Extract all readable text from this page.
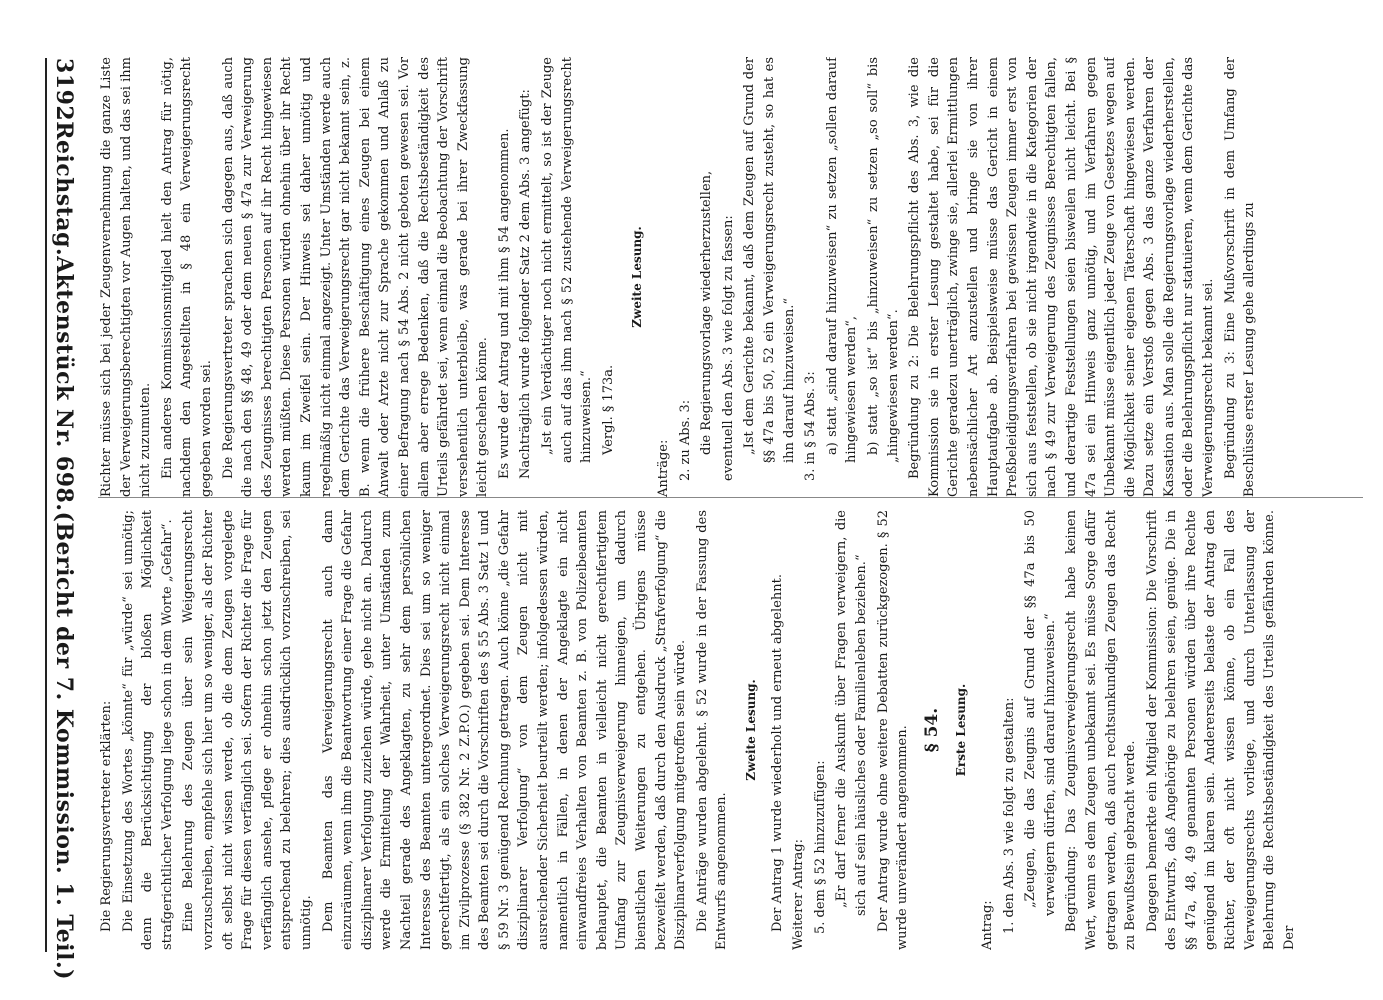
3192
Reichstag.
Aktenstück Nr. 698.
(Bericht der 7. Kommission. 1. Teil.) Die Regierungsvertreter erklärten: Die Einsetzung des Wortes „könnte“ für „würde“ sei unnötig; denn die Berücksichtigung der bloßen Möglichkeit strafgerichtlicher Verfolgung liege schon in dem Worte „Gefahr“. Eine Belehrung des Zeugen über sein Weigerungsrecht vorzuschreiben, empfehle sich hier um so weniger, als der Richter oft selbst nicht wissen werde, ob die dem Zeugen vorgelegte Frage für diesen verfänglich sei. Sofern der Richter die Frage für verfänglich ansehe, pflege er ohnehin schon jetzt den Zeugen entsprechend zu belehren; dies ausdrücklich vorzuschreiben, sei unnötig. Dem Beamten das Verweigerungsrecht auch dann einzuräumen, wenn ihm die Beantwortung einer Frage die Gefahr disziplinarer Verfolgung zuziehen würde, gehe nicht an. Dadurch werde die Ermittelung der Wahrheit, unter Umständen zum Nachteil gerade des Angeklagten, zu sehr dem persönlichen Interesse des Beamten untergeordnet. Dies sei um so weniger gerechtfertigt, als ein solches Verweigerungsrecht nicht einmal im Zivilprozesse (§ 382 Nr. 2 Z.P.O.) gegeben sei. Dem Interesse des Beamten sei durch die Vorschriften des § 55 Abs. 3 Satz 1 und § 59 Nr. 3 genügend Rechnung getragen. Auch könne „die Gefahr disziplinarer Verfolgung“ von dem Zeugen nicht mit ausreichender Sicherheit beurteilt werden; infolgedessen würden, namentlich in Fällen, in denen der Angeklagte ein nicht einwandfreies Verhalten von Beamten z. B. von Polizeibeamten behauptet, die Beamten in vielleicht nicht gerechtfertigtem Umfang zur Zeugnisverweigerung hinneigen, um dadurch bienstlichen Weiterungen zu entgehen. Übrigens müsse bezweifelt werden, daß durch den Ausdruck „Strafverfolgung“ die Disziplinarverfolgung mitgetroffen sein würde. Die Anträge wurden abgelehnt. § 52 wurde in der Fassung des Entwurfs angenommen.

Zweite Lesung. Der Antrag 1 wurde wiederholt und erneut abgelehnt. Weiterer Antrag: 5. dem § 52 hinzuzufügen: „Er darf ferner die Auskunft über Fragen verweigern, die sich auf sein häusliches oder Familienleben beziehen.“ Der Antrag wurde ohne weitere Debatten zurückgezogen. § 52 wurde unverändert angenommen. § 54. Erste Lesung.

Antrag: 1. den Abs. 3 wie folgt zu gestalten: „Zeugen, die das Zeugnis auf Grund der §§ 47a bis 50 verweigern dürfen, sind darauf hinzuweisen.“ Begründung: Das Zeugnisverweigerungsrecht habe keinen Wert, wenn es dem Zeugen unbekannt sei. Es müsse Sorge dafür getragen werden, daß auch rechtsunkundigen Zeugen das Recht zu Bewußtsein gebracht werde. Dagegen bemerkte ein Mitglied der Kommission: Die Vorschrift des Entwurfs, daß Angehörige zu belehren seien, genüge. Die in §§ 47a, 48, 49 genannten Personen würden über ihre Rechte genügend im klaren sein. Andererseits belaste der Antrag den Richter, der oft nicht wissen könne, ob ein Fall des Verweigerungsrechts vorliege, und durch Unterlassung der Belehrung die Rechtsbeständigkeit des Urteils gefährden könne. Der

Richter müsse sich bei jeder Zeugenvernehmung die ganze Liste der Verweigerungsberechtigten vor Augen halten, und das sei ihm nicht zuzumuten. Ein anderes Kommissionsmitglied hielt den Antrag für nötig, nachdem den Angestellten in § 48 ein Verweigerungsrecht gegeben worden sei. Die Regierungsvertreter sprachen sich dagegen aus, daß auch die nach den §§ 48, 49 oder dem neuen § 47a zur Verweigerung des Zeugnisses berechtigten Personen auf ihr Recht hingewiesen werden müßten. Diese Personen würden ohnehin über ihr Recht kaum im Zweifel sein. Der Hinweis sei daher unnötig und regelmäßig nicht einmal angezeigt. Unter Umständen werde auch dem Gerichte das Verweigerungsrecht gar nicht bekannt sein, z. B. wenn die frühere Beschäftigung eines Zeugen bei einem Anwalt oder Arzte nicht zur Sprache gekommen und Anlaß zu einer Befragung nach § 54 Abs. 2 nicht geboten gewesen sei. Vor allem aber errege Bedenken, daß die Rechtsbeständigkeit des Urteils gefährdet sei, wenn einmal die Beobachtung der Vorschrift versehentlich unterbleibe, was gerade bei ihrer Zweckfassung leicht geschehen könne. Es wurde der Antrag und mit ihm § 54 angenommen. Nachträglich wurde folgender Satz 2 dem Abs. 3 angefügt: „Ist ein Verdächtiger noch nicht ermittelt, so ist der Zeuge auch auf das ihm nach § 52 zustehende Verweigerungsrecht hinzuweisen.“ Vergl. § 173a.

Zweite Lesung.

Anträge: 2. zu Abs. 3: die Regierungsvorlage wiederherzustellen, eventuell den Abs. 3 wie folgt zu fassen: „Ist dem Gerichte bekannt, daß dem Zeugen auf Grund der §§ 47a bis 50, 52 ein Verweigerungsrecht zusteht, so hat es ihn darauf hinzuweisen.“ 3. in § 54 Abs. 3: a) statt „sind darauf hinzuweisen“ zu setzen „sollen darauf hingewiesen werden“, b) statt „so ist“ bis „hinzuweisen“ zu setzen „so soll“ bis „hingewiesen werden“. Begründung zu 2: Die Belehrungspflicht des Abs. 3, wie die Kommission sie in erster Lesung gestaltet habe, sei für die Gerichte geradezu unerträglich, zwinge sie, allerlei Ermittlungen nebensächlicher Art anzustellen und bringe sie von ihrer Hauptaufgabe ab. Beispielsweise müsse das Gericht in einem Preßbeleidigungsverfahren bei gewissen Zeugen immer erst von sich aus feststellen, ob sie nicht irgendwie in die Kategorien der nach § 49 zur Verweigerung des Zeugnisses Berechtigten fallen, und derartige Feststellungen seien bisweilen nicht leicht. Bei § 47a sei ein Hinweis ganz unnötig, und im Verfahren gegen Unbekannt müsse eigentlich jeder Zeuge von Gesetzes wegen auf die Möglichkeit seiner eigenen Täterschaft hingewiesen werden. Dazu setze ein Verstoß gegen Abs. 3 das ganze Verfahren der Kassation aus. Man solle die Regierungsvorlage wiederherstellen, oder die Belehrungspflicht nur statuieren, wenn dem Gerichte das Verweigerungsrecht bekannt sei. Begründung zu 3: Eine Mußvorschrift in dem Umfang der Beschlüsse erster Lesung gehe allerdings zu
